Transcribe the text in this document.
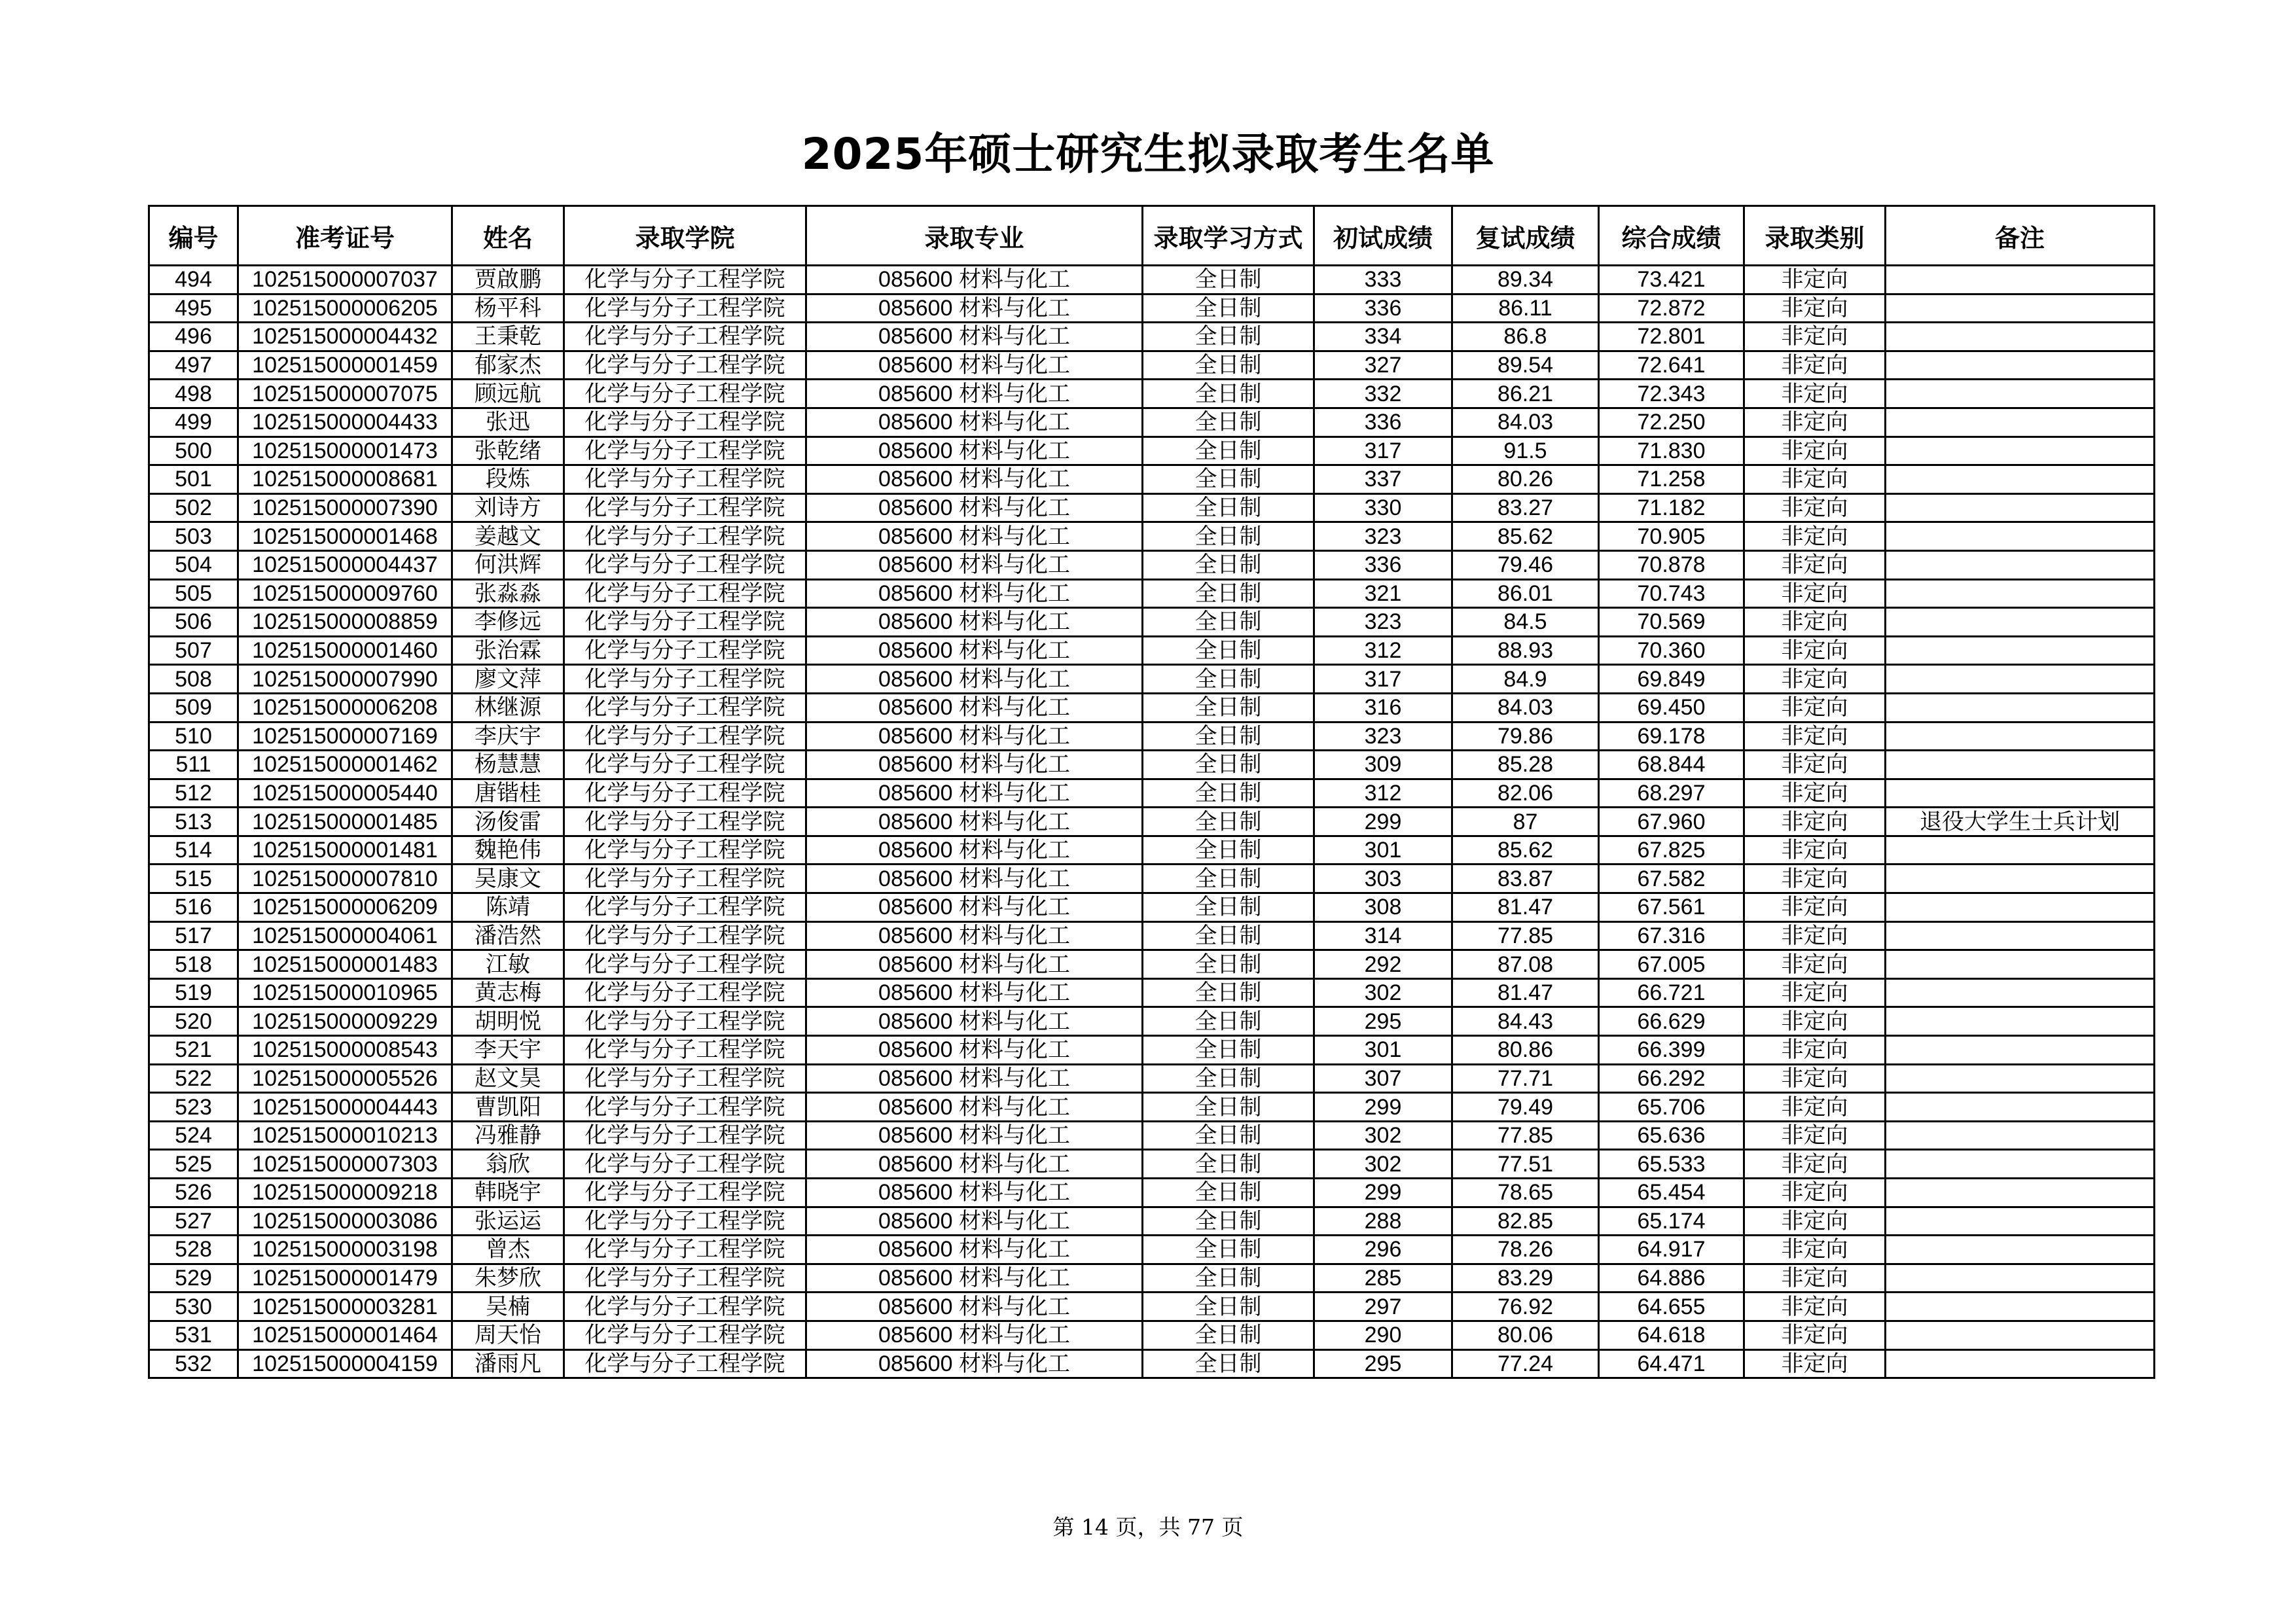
2025年硕士研究生拟录取考生名单
编号	准考证号	姓名	录取学院	录取专业	录取学习方式	初试成绩	复试成绩	综合成绩	录取类别	备注
494	102515000007037	贾啟鹏	化学与分子工程学院	085600 材料与化工	全日制	333	89.34	73.421	非定向	
495	102515000006205	杨平科	化学与分子工程学院	085600 材料与化工	全日制	336	86.11	72.872	非定向	
496	102515000004432	王秉乾	化学与分子工程学院	085600 材料与化工	全日制	334	86.8	72.801	非定向	
497	102515000001459	郁家杰	化学与分子工程学院	085600 材料与化工	全日制	327	89.54	72.641	非定向	
498	102515000007075	顾远航	化学与分子工程学院	085600 材料与化工	全日制	332	86.21	72.343	非定向	
499	102515000004433	张迅	化学与分子工程学院	085600 材料与化工	全日制	336	84.03	72.250	非定向	
500	102515000001473	张乾绪	化学与分子工程学院	085600 材料与化工	全日制	317	91.5	71.830	非定向	
501	102515000008681	段炼	化学与分子工程学院	085600 材料与化工	全日制	337	80.26	71.258	非定向	
502	102515000007390	刘诗方	化学与分子工程学院	085600 材料与化工	全日制	330	83.27	71.182	非定向	
503	102515000001468	姜越文	化学与分子工程学院	085600 材料与化工	全日制	323	85.62	70.905	非定向	
504	102515000004437	何洪辉	化学与分子工程学院	085600 材料与化工	全日制	336	79.46	70.878	非定向	
505	102515000009760	张淼淼	化学与分子工程学院	085600 材料与化工	全日制	321	86.01	70.743	非定向	
506	102515000008859	李修远	化学与分子工程学院	085600 材料与化工	全日制	323	84.5	70.569	非定向	
507	102515000001460	张治霖	化学与分子工程学院	085600 材料与化工	全日制	312	88.93	70.360	非定向	
508	102515000007990	廖文萍	化学与分子工程学院	085600 材料与化工	全日制	317	84.9	69.849	非定向	
509	102515000006208	林继源	化学与分子工程学院	085600 材料与化工	全日制	316	84.03	69.450	非定向	
510	102515000007169	李庆宇	化学与分子工程学院	085600 材料与化工	全日制	323	79.86	69.178	非定向	
511	102515000001462	杨慧慧	化学与分子工程学院	085600 材料与化工	全日制	309	85.28	68.844	非定向	
512	102515000005440	唐锴桂	化学与分子工程学院	085600 材料与化工	全日制	312	82.06	68.297	非定向	
513	102515000001485	汤俊雷	化学与分子工程学院	085600 材料与化工	全日制	299	87	67.960	非定向	退役大学生士兵计划
514	102515000001481	魏艳伟	化学与分子工程学院	085600 材料与化工	全日制	301	85.62	67.825	非定向	
515	102515000007810	吴康文	化学与分子工程学院	085600 材料与化工	全日制	303	83.87	67.582	非定向	
516	102515000006209	陈靖	化学与分子工程学院	085600 材料与化工	全日制	308	81.47	67.561	非定向	
517	102515000004061	潘浩然	化学与分子工程学院	085600 材料与化工	全日制	314	77.85	67.316	非定向	
518	102515000001483	江敏	化学与分子工程学院	085600 材料与化工	全日制	292	87.08	67.005	非定向	
519	102515000010965	黄志梅	化学与分子工程学院	085600 材料与化工	全日制	302	81.47	66.721	非定向	
520	102515000009229	胡明悦	化学与分子工程学院	085600 材料与化工	全日制	295	84.43	66.629	非定向	
521	102515000008543	李天宇	化学与分子工程学院	085600 材料与化工	全日制	301	80.86	66.399	非定向	
522	102515000005526	赵文昊	化学与分子工程学院	085600 材料与化工	全日制	307	77.71	66.292	非定向	
523	102515000004443	曹凯阳	化学与分子工程学院	085600 材料与化工	全日制	299	79.49	65.706	非定向	
524	102515000010213	冯雅静	化学与分子工程学院	085600 材料与化工	全日制	302	77.85	65.636	非定向	
525	102515000007303	翁欣	化学与分子工程学院	085600 材料与化工	全日制	302	77.51	65.533	非定向	
526	102515000009218	韩晓宇	化学与分子工程学院	085600 材料与化工	全日制	299	78.65	65.454	非定向	
527	102515000003086	张运运	化学与分子工程学院	085600 材料与化工	全日制	288	82.85	65.174	非定向	
528	102515000003198	曾杰	化学与分子工程学院	085600 材料与化工	全日制	296	78.26	64.917	非定向	
529	102515000001479	朱梦欣	化学与分子工程学院	085600 材料与化工	全日制	285	83.29	64.886	非定向	
530	102515000003281	吴楠	化学与分子工程学院	085600 材料与化工	全日制	297	76.92	64.655	非定向	
531	102515000001464	周天怡	化学与分子工程学院	085600 材料与化工	全日制	290	80.06	64.618	非定向	
532	102515000004159	潘雨凡	化学与分子工程学院	085600 材料与化工	全日制	295	77.24	64.471	非定向	
第 14 页，共 77 页
